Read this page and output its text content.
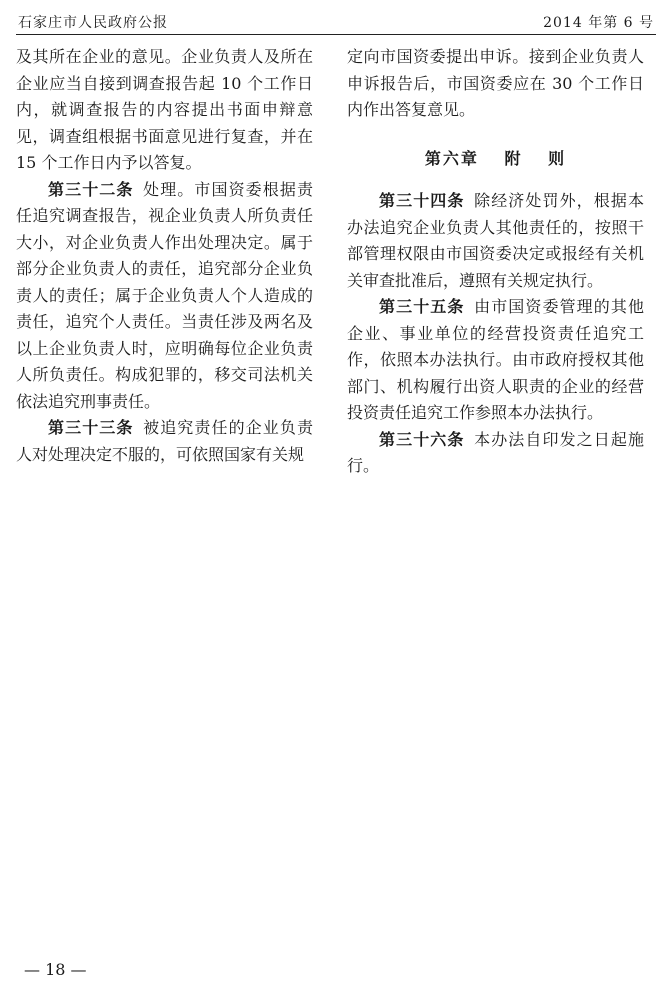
石家庄市人民政府公报	2014 年第 6 号

及其所在企业的意见。企业负责人及所在企业应当自接到调查报告起 10 个工作日内，就调查报告的内容提出书面申辩意见，调查组根据书面意见进行复查，并在 15 个工作日内予以答复。

第三十二条 处理。市国资委根据责任追究调查报告，视企业负责人所负责任大小，对企业负责人作出处理决定。属于部分企业负责人的责任，追究部分企业负责人的责任；属于企业负责人个人造成的责任，追究个人责任。当责任涉及两名及以上企业负责人时，应明确每位企业负责人所负责任。构成犯罪的，移交司法机关依法追究刑事责任。

第三十三条 被追究责任的企业负责人对处理决定不服的，可依照国家有关规

定向市国资委提出申诉。接到企业负责人申诉报告后，市国资委应在 30 个工作日内作出答复意见。

第六章 附 则

第三十四条 除经济处罚外，根据本办法追究企业负责人其他责任的，按照干部管理权限由市国资委决定或报经有关机关审查批准后，遵照有关规定执行。

第三十五条 由市国资委管理的其他企业、事业单位的经营投资责任追究工作，依照本办法执行。由市政府授权其他部门、机构履行出资人职责的企业的经营投资责任追究工作参照本办法执行。

第三十六条 本办法自印发之日起施行。

— 18 —
